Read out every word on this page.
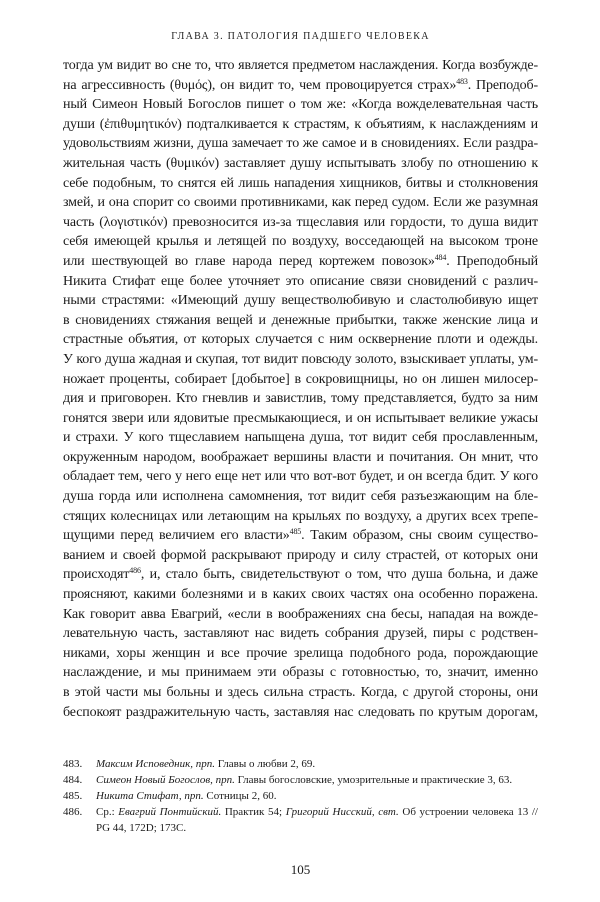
ГЛАВА 3. ПАТОЛОГИЯ ПАДШЕГО ЧЕЛОВЕКА
тогда ум видит во сне то, что является предметом наслаждения. Когда возбужде-
на агрессивность (θυμός), он видит то, чем провоцируется страх»$^{483}$. Преподоб-
ный Симеон Новый Богослов пишет о том же: «Когда вожделевательная часть
души (ἐπιθυμητικόν) подталкивается к страстям, к объятиям, к наслаждениям и
удовольствиям жизни, душа замечает то же самое и в сновидениях. Если раздра-
жительная часть (θυμικόν) заставляет душу испытывать злобу по отношению к
себе подобным, то снятся ей лишь нападения хищников, битвы и столкновения
змей, и она спорит со своими противниками, как перед судом. Если же разумная
часть (λογιστικόν) превозносится из-за тщеславия или гордости, то душа видит
себя имеющей крылья и летящей по воздуху, восседающей на высоком троне
или шествующей во главе народа перед кортежем повозок»$^{484}$. Преподобный
Никита Стифат еще более уточняет это описание связи сновидений с различ-
ными страстями: «Имеющий душу веществолюбивую и сластолюбивую ищет
в сновидениях стяжания вещей и денежные прибытки, также женские лица и
страстные объятия, от которых случается с ним осквернение плоти и одежды.
У кого душа жадная и скупая, тот видит повсюду золото, взыскивает уплаты, ум-
ножает проценты, собирает [добытое] в сокровищницы, но он лишен милосер-
дия и приговорен. Кто гневлив и завистлив, тому представляется, будто за ним
гонятся звери или ядовитые пресмыкающиеся, и он испытывает великие ужасы
и страхи. У кого тщеславием напыщена душа, тот видит себя прославленным,
окруженным народом, воображает вершины власти и почитания. Он мнит, что
обладает тем, чего у него еще нет или что вот-вот будет, и он всегда бдит. У кого
душа горда или исполнена самомнения, тот видит себя разъезжающим на бле-
стящих колесницах или летающим на крыльях по воздуху, а других всех трепе-
щущими перед величием его власти»$^{485}$. Таким образом, сны своим существо-
ванием и своей формой раскрывают природу и силу страстей, от которых они
происходят$^{486}$, и, стало быть, свидетельствуют о том, что душа больна, и даже
проясняют, какими болезнями и в каких своих частях она особенно поражена.
Как говорит авва Евагрий, «если в воображениях сна бесы, нападая на вожде-
левательную часть, заставляют нас видеть собрания друзей, пиры с родствен-
никами, хоры женщин и все прочие зрелища подобного рода, порождающие
наслаждение, и мы принимаем эти образы с готовностью, то, значит, именно
в этой части мы больны и здесь сильна страсть. Когда, с другой стороны, они
беспокоят раздражительную часть, заставляя нас следовать по крутым дорогам,
483.	Максим Исповедник, прп. Главы о любви 2, 69.
484.	Симеон Новый Богослов, прп. Главы богословские, умозрительные и практические 3, 63.
485.	Никита Стифат, прп. Сотницы 2, 60.
486.	Ср.: Евагрий Понтийский. Практик 54; Григорий Нисский, свт. Об устроении человека 13 // PG 44, 172D; 173C.
105
